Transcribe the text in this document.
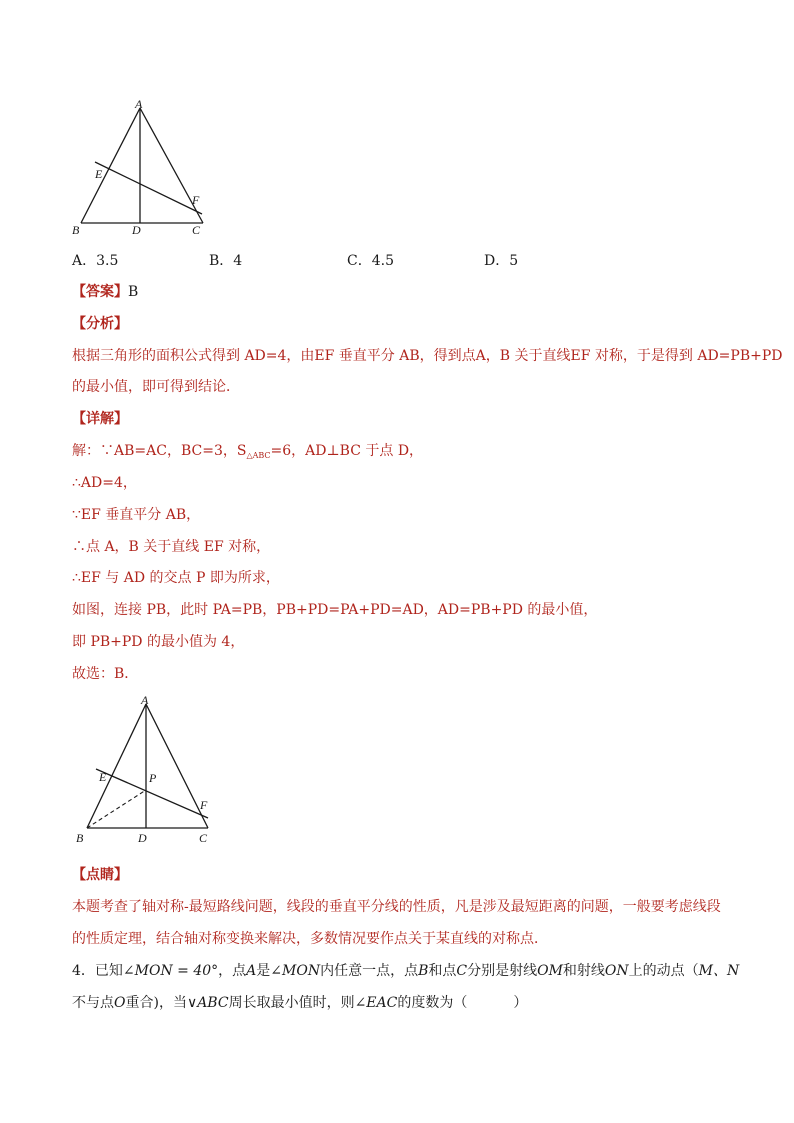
A
E
F
B	D	C
A．3.5	B．4	C．4.5	D．5
【答案】B
【分析】
根据三角形的面积公式得到 AD=4，由EF 垂直平分 AB，得到点A，B 关于直线EF 对称，于是得到 AD=PB+PD
的最小值，即可得到结论．
【详解】
解：∵AB=AC，BC=3，$S_{\triangle ABC}=6$，AD⊥BC 于点 D，
∴AD=4，
∵EF 垂直平分 AB，
∴点 A，B 关于直线 EF 对称，
∴EF 与 AD 的交点 P 即为所求，
如图，连接 PB，此时 PA=PB，PB+PD=PA+PD=AD，AD=PB+PD 的最小值，
即 PB+PD 的最小值为 4，
故选：B．
A
E	P
F
B	D	C
【点睛】
本题考查了轴对称-最短路线问题，线段的垂直平分线的性质，凡是涉及最短距离的问题，一般要考虑线段
的性质定理，结合轴对称变换来解决，多数情况要作点关于某直线的对称点．
4．已知∠MON = 40°，点A是∠MON内任意一点，点B和点C分别是射线OM和射线ON上的动点（M、N
不与点O重合)，当∨ABC周长取最小值时，则∠EAC的度数为（	）
